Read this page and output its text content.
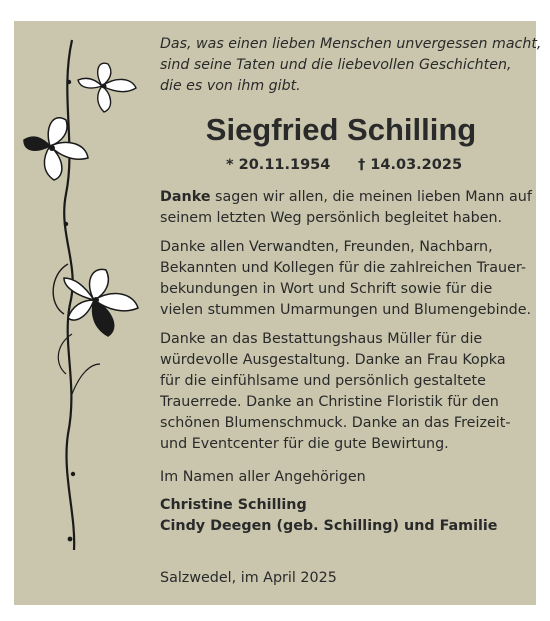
Das, was einen lieben Menschen unvergessen macht,
sind seine Taten und die liebevollen Geschichten,
die es von ihm gibt.
Siegfried Schilling
* 20.11.1954 † 14.03.2025
Danke sagen wir allen, die meinen lieben Mann auf
seinem letzten Weg persönlich begleitet haben.
Danke allen Verwandten, Freunden, Nachbarn,
Bekannten und Kollegen für die zahlreichen Trauer-
bekundungen in Wort und Schrift sowie für die
vielen stummen Umarmungen und Blumengebinde.
Danke an das Bestattungshaus Müller für die
würdevolle Ausgestaltung. Danke an Frau Kopka
für die einfühlsame und persönlich gestaltete
Trauerrede. Danke an Christine Floristik für den
schönen Blumenschmuck. Danke an das Freizeit-
und Eventcenter für die gute Bewirtung.
Im Namen aller Angehörigen
Christine Schilling
Cindy Deegen (geb. Schilling) und Familie
Salzwedel, im April 2025
